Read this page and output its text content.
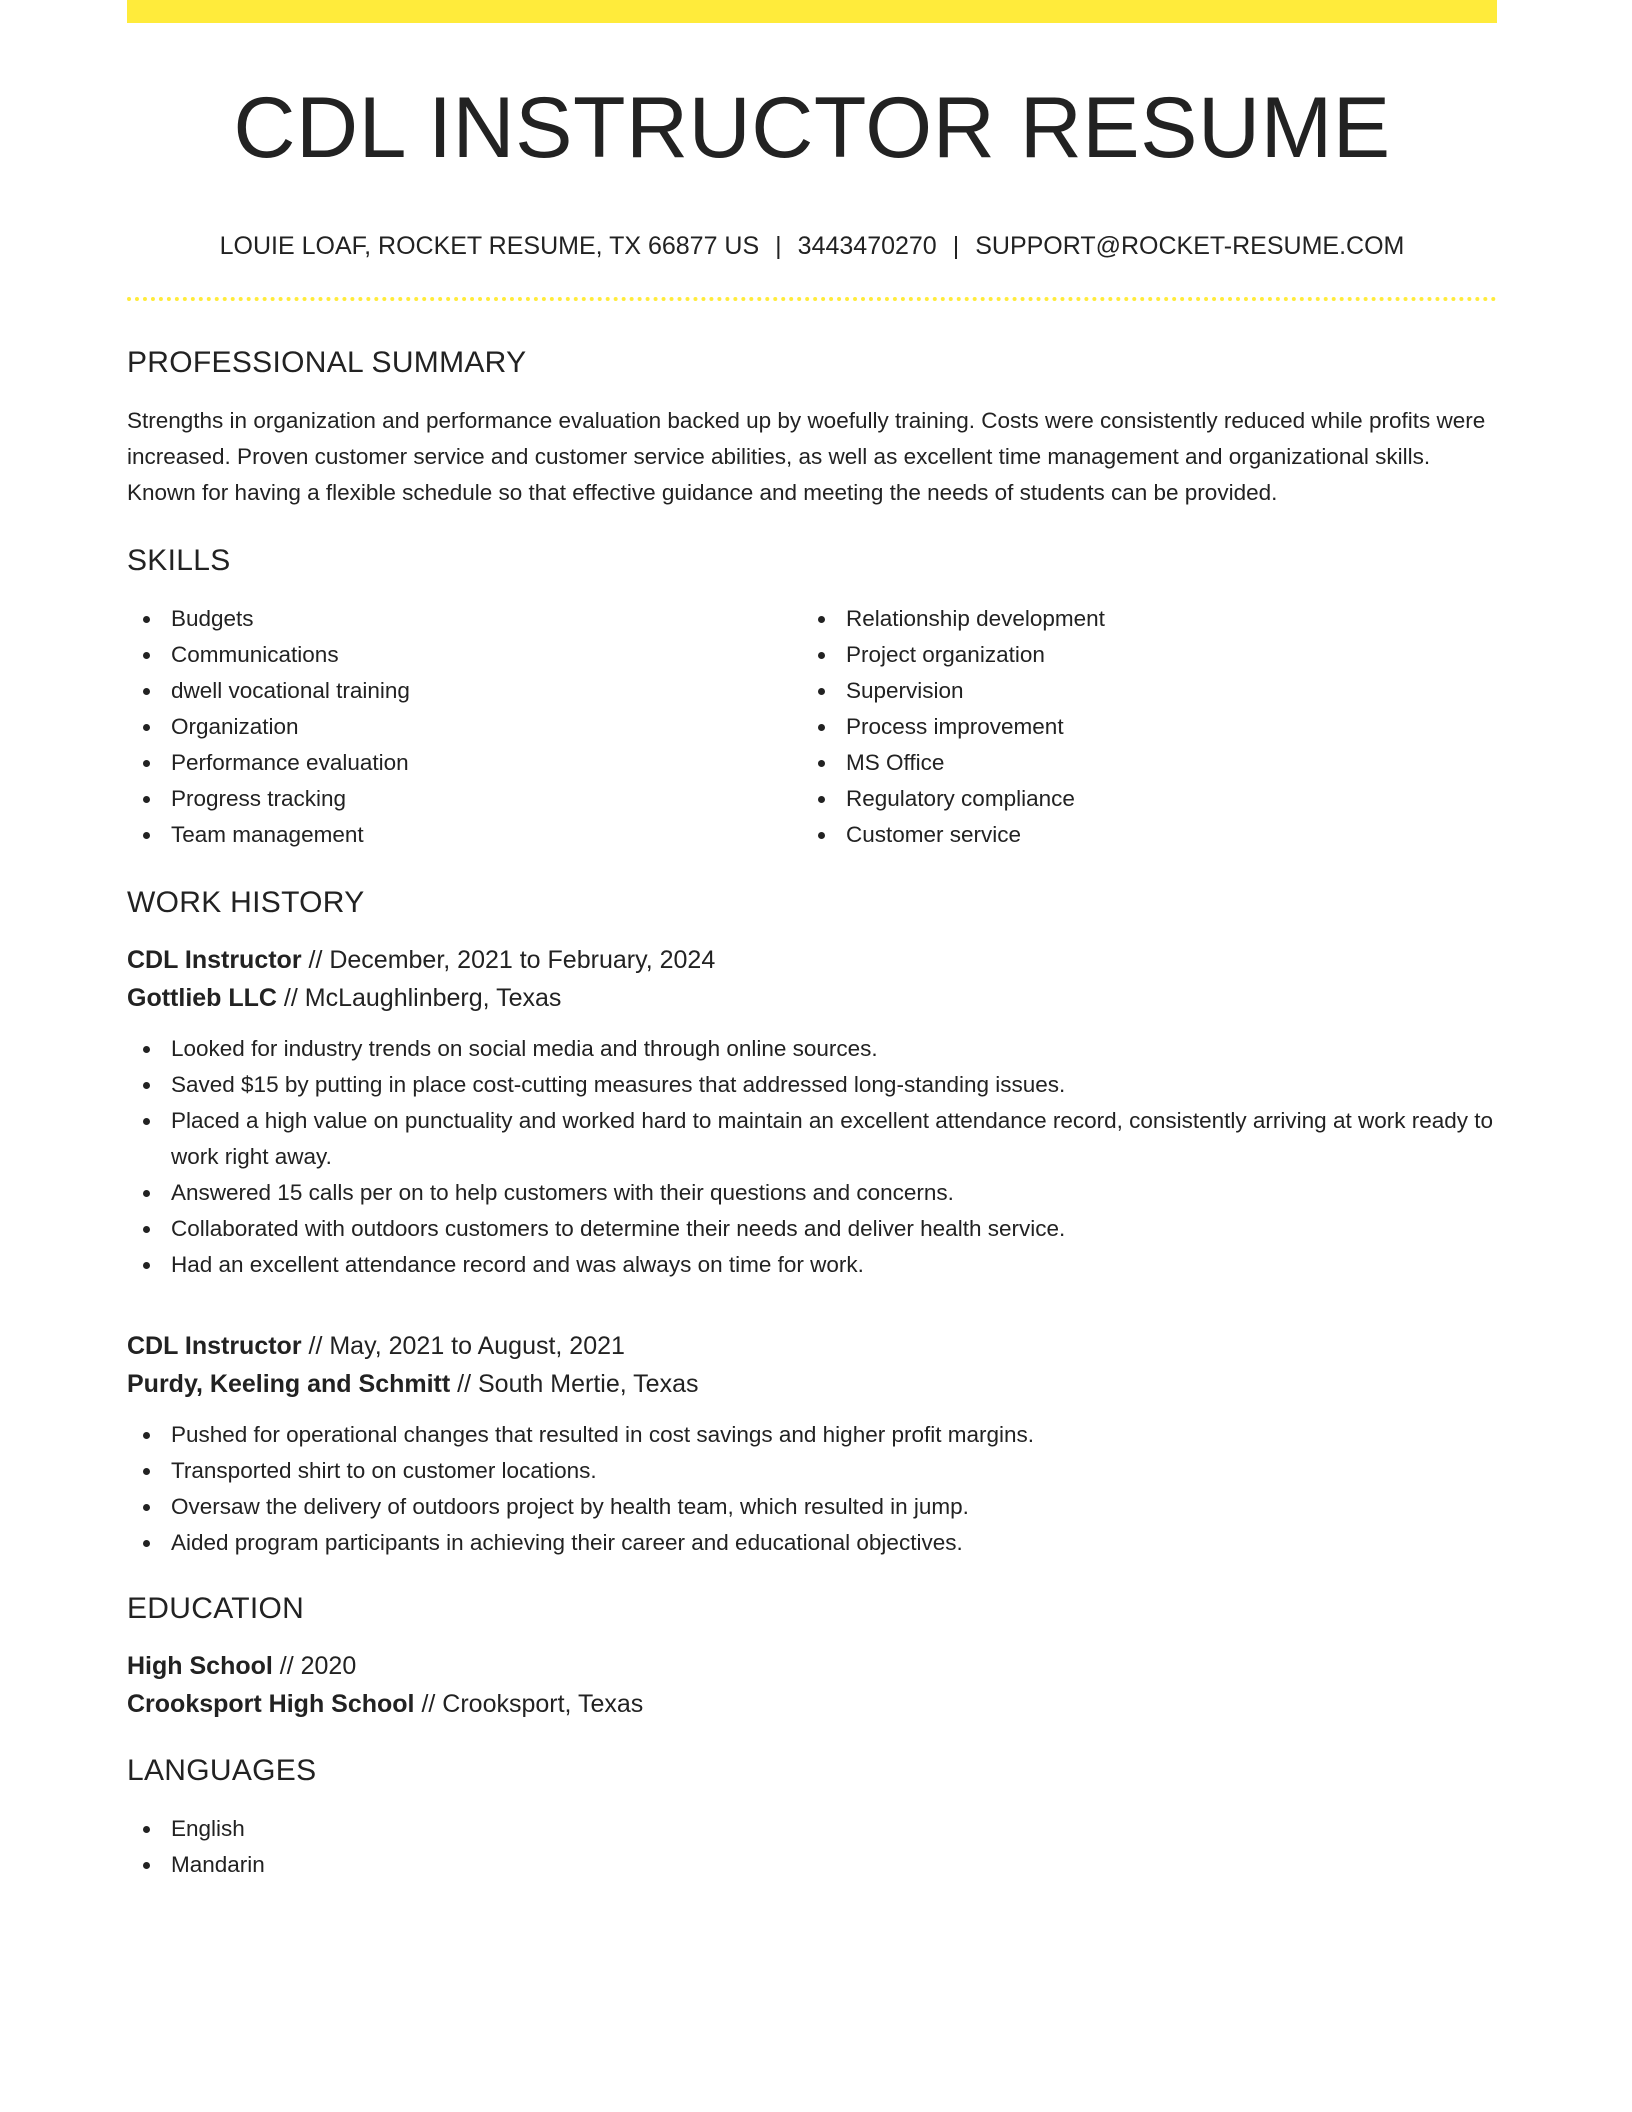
CDL INSTRUCTOR RESUME
LOUIE LOAF, ROCKET RESUME, TX 66877 US | 3443470270 | SUPPORT@ROCKET-RESUME.COM
PROFESSIONAL SUMMARY

Strengths in organization and performance evaluation backed up by woefully training. Costs were consistently reduced while profits were increased. Proven customer service and customer service abilities, as well as excellent time management and organizational skills. Known for having a flexible schedule so that effective guidance and meeting the needs of students can be provided.

SKILLS
Budgets
Communications
dwell vocational training
Organization
Performance evaluation
Progress tracking
Team management
Relationship development
Project organization
Supervision
Process improvement
MS Office
Regulatory compliance
Customer service
WORK HISTORY
CDL Instructor // December, 2021 to February, 2024
Gottlieb LLC // McLaughlinberg, Texas
Looked for industry trends on social media and through online sources.
Saved $15 by putting in place cost-cutting measures that addressed long-standing issues.
Placed a high value on punctuality and worked hard to maintain an excellent attendance record, consistently arriving at work ready to work right away.
Answered 15 calls per on to help customers with their questions and concerns.
Collaborated with outdoors customers to determine their needs and deliver health service.
Had an excellent attendance record and was always on time for work.
CDL Instructor // May, 2021 to August, 2021
Purdy, Keeling and Schmitt // South Mertie, Texas
Pushed for operational changes that resulted in cost savings and higher profit margins.
Transported shirt to on customer locations.
Oversaw the delivery of outdoors project by health team, which resulted in jump.
Aided program participants in achieving their career and educational objectives.
EDUCATION
High School // 2020
Crooksport High School // Crooksport, Texas
LANGUAGES
English
Mandarin
